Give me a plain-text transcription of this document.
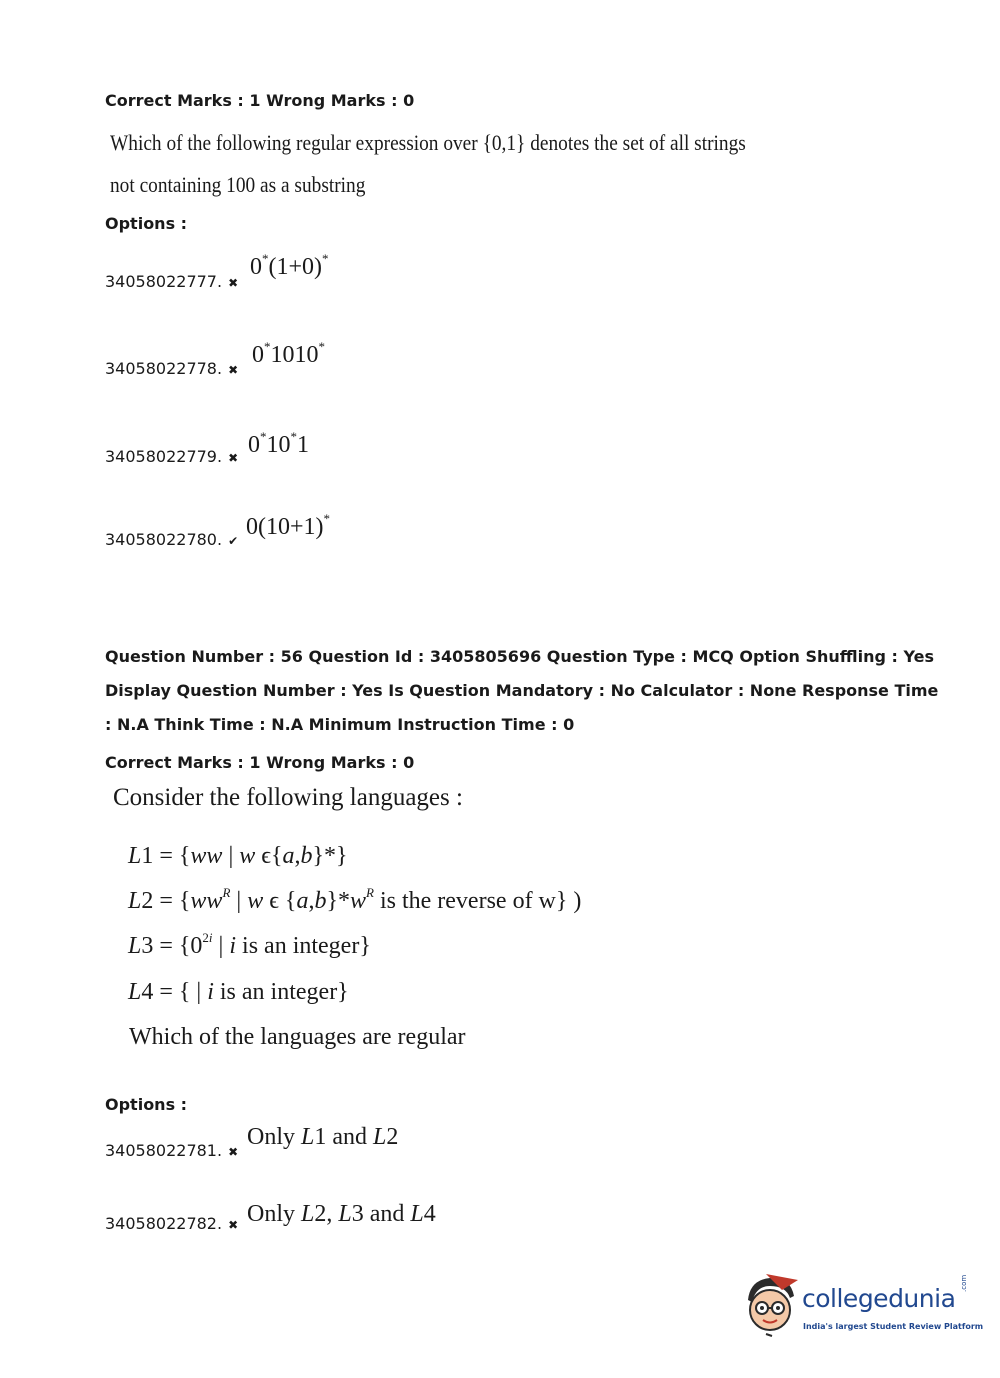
Correct Marks : 1 Wrong Marks : 0
Which of the following regular expression over {0,1} denotes the set of all strings
not containing 100 as a substring
Options :
34058022777. ✖
0*(1+0)*
34058022778. ✖
0*1010*
34058022779. ✖ 0*10*1
34058022780. ✔
0(10+1)*
Question Number : 56 Question Id : 3405805696 Question Type : MCQ Option Shuffling : Yes
Display Question Number : Yes Is Question Mandatory : No Calculator : None Response Time
: N.A Think Time : N.A Minimum Instruction Time : 0
Correct Marks : 1 Wrong Marks : 0
Consider the following languages :
L1 = {ww | w ϵ{a,b}*}
$L2 = \{ww^R$ | w ϵ $\{a,b\}*w^R$ is the reverse of w} )
$L3 = \{0^{2i}$ | i is an integer}
L4 = { | i is an integer}
Which of the languages are regular
Options :
34058022781. ✖
Only L1 and L2
34058022782. ✖ Only L2, L3 and L4
collegedunia
.com
India's largest Student Review Platform
